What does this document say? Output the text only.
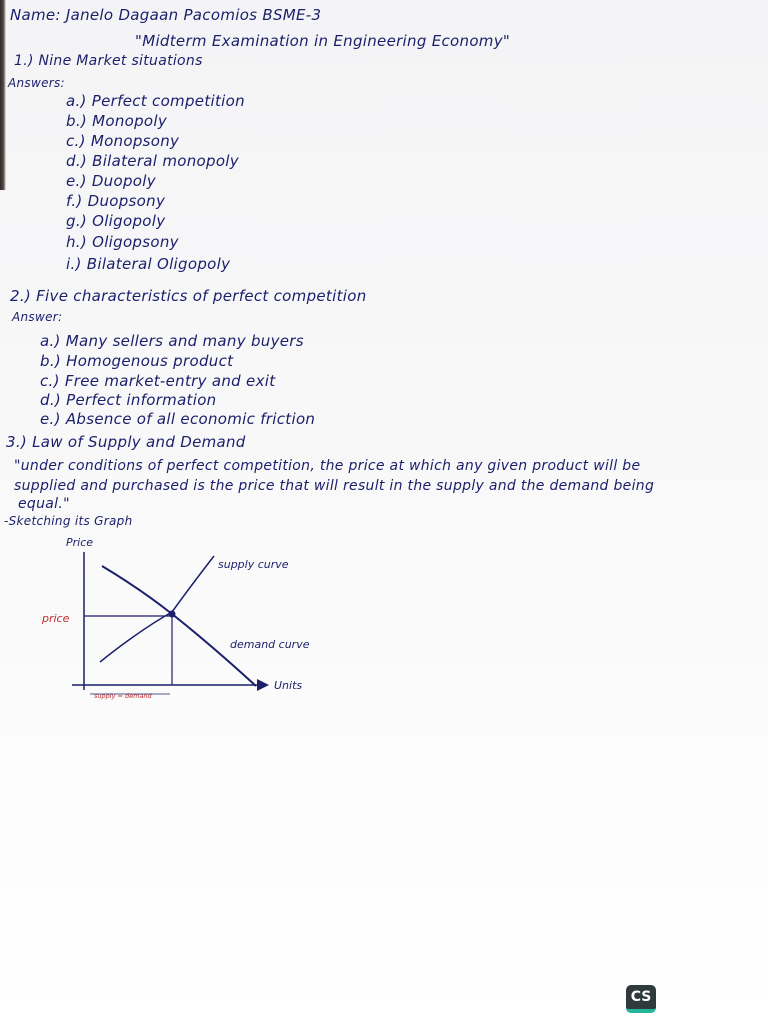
Name: Janelo Dagaan Pacomios BSME-3
"Midterm Examination in Engineering Economy"
1.) Nine Market situations
Answers:
a.) Perfect competition
b.) Monopoly
c.) Monopsony
d.) Bilateral monopoly
e.) Duopoly
f.) Duopsony
g.) Oligopoly
h.) Oligopsony
i.) Bilateral Oligopoly
2.) Five characteristics of perfect competition
Answer:
a.) Many sellers and many buyers
b.) Homogenous product
c.) Free market-entry and exit
d.) Perfect information
e.) Absence of all economic friction
3.) Law of Supply and Demand
"under conditions of perfect competition, the price at which any given product will be
supplied and purchased is the price that will result in the supply and the demand being
equal."
-Sketching its Graph
Price
Units
price
supply curve
demand curve
supply = demand
CS
